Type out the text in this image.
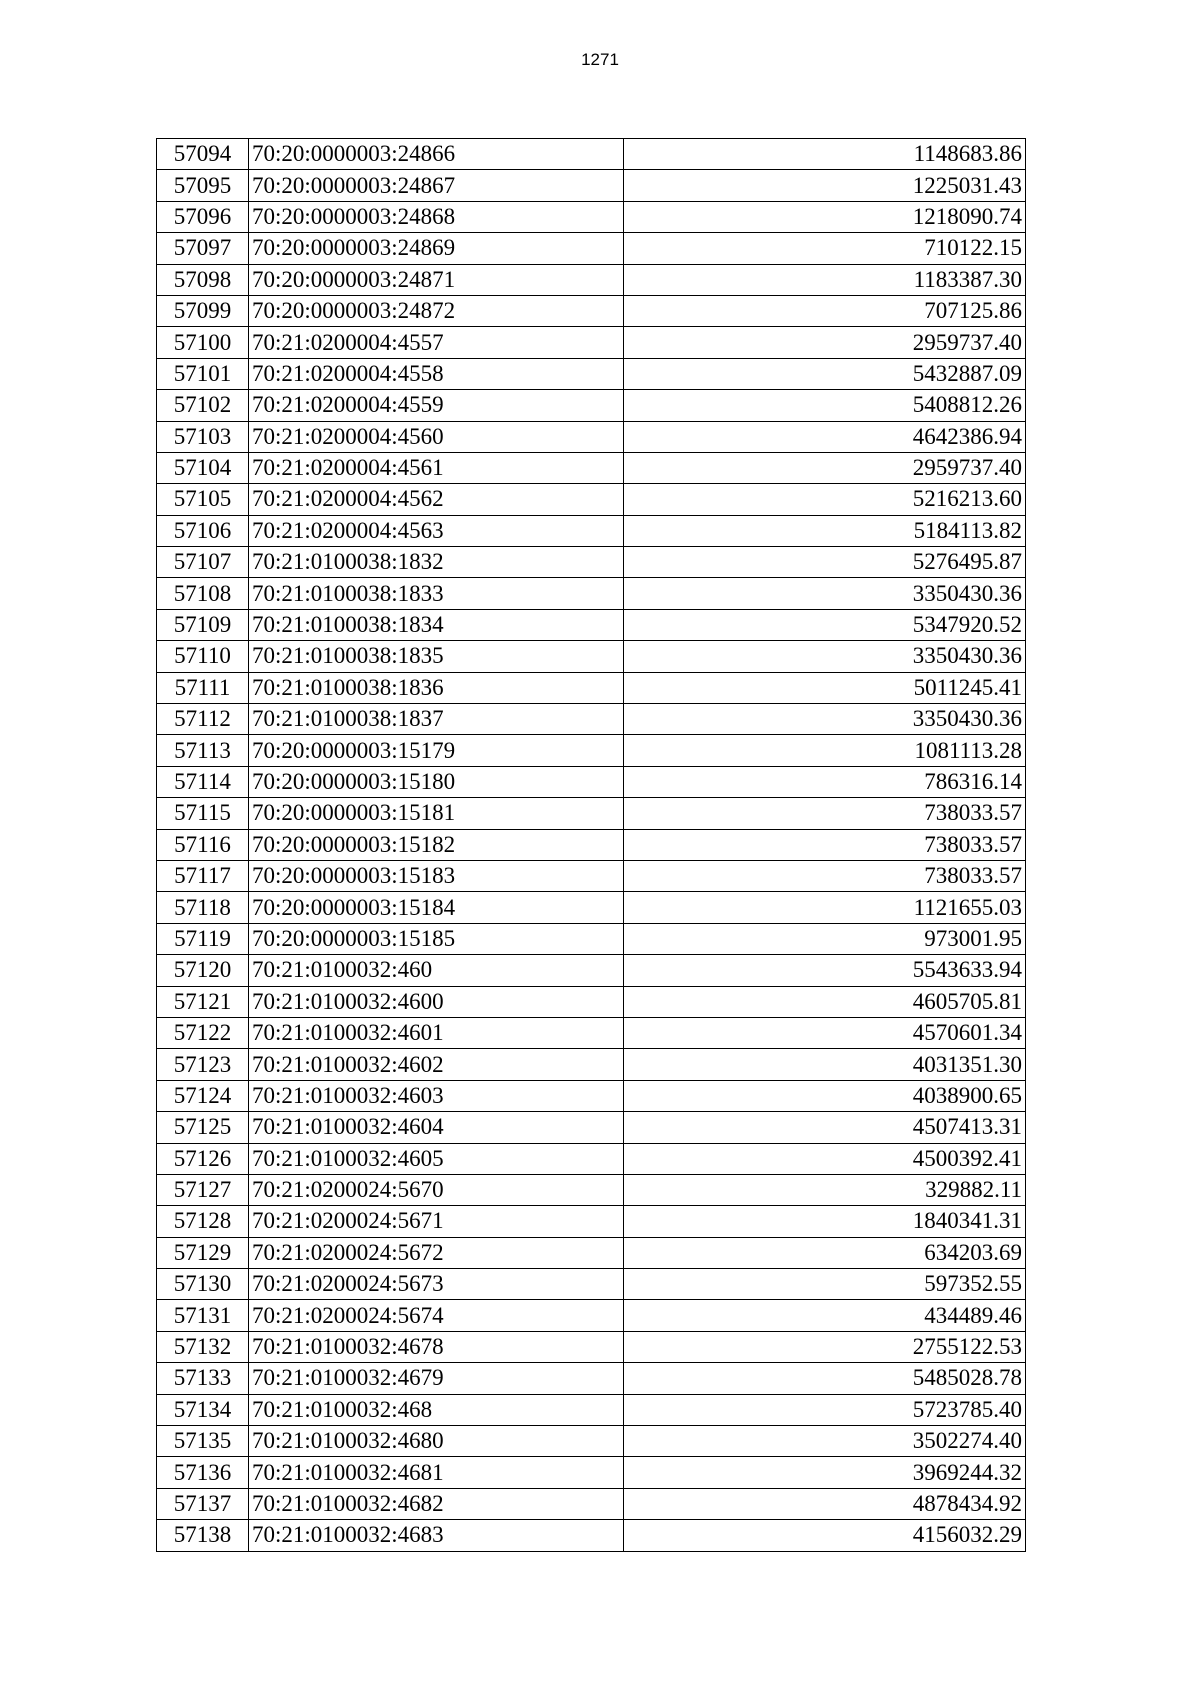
1271
57094	70:20:0000003:24866	1148683.86
57095	70:20:0000003:24867	1225031.43
57096	70:20:0000003:24868	1218090.74
57097	70:20:0000003:24869	710122.15
57098	70:20:0000003:24871	1183387.30
57099	70:20:0000003:24872	707125.86
57100	70:21:0200004:4557	2959737.40
57101	70:21:0200004:4558	5432887.09
57102	70:21:0200004:4559	5408812.26
57103	70:21:0200004:4560	4642386.94
57104	70:21:0200004:4561	2959737.40
57105	70:21:0200004:4562	5216213.60
57106	70:21:0200004:4563	5184113.82
57107	70:21:0100038:1832	5276495.87
57108	70:21:0100038:1833	3350430.36
57109	70:21:0100038:1834	5347920.52
57110	70:21:0100038:1835	3350430.36
57111	70:21:0100038:1836	5011245.41
57112	70:21:0100038:1837	3350430.36
57113	70:20:0000003:15179	1081113.28
57114	70:20:0000003:15180	786316.14
57115	70:20:0000003:15181	738033.57
57116	70:20:0000003:15182	738033.57
57117	70:20:0000003:15183	738033.57
57118	70:20:0000003:15184	1121655.03
57119	70:20:0000003:15185	973001.95
57120	70:21:0100032:460	5543633.94
57121	70:21:0100032:4600	4605705.81
57122	70:21:0100032:4601	4570601.34
57123	70:21:0100032:4602	4031351.30
57124	70:21:0100032:4603	4038900.65
57125	70:21:0100032:4604	4507413.31
57126	70:21:0100032:4605	4500392.41
57127	70:21:0200024:5670	329882.11
57128	70:21:0200024:5671	1840341.31
57129	70:21:0200024:5672	634203.69
57130	70:21:0200024:5673	597352.55
57131	70:21:0200024:5674	434489.46
57132	70:21:0100032:4678	2755122.53
57133	70:21:0100032:4679	5485028.78
57134	70:21:0100032:468	5723785.40
57135	70:21:0100032:4680	3502274.40
57136	70:21:0100032:4681	3969244.32
57137	70:21:0100032:4682	4878434.92
57138	70:21:0100032:4683	4156032.29
